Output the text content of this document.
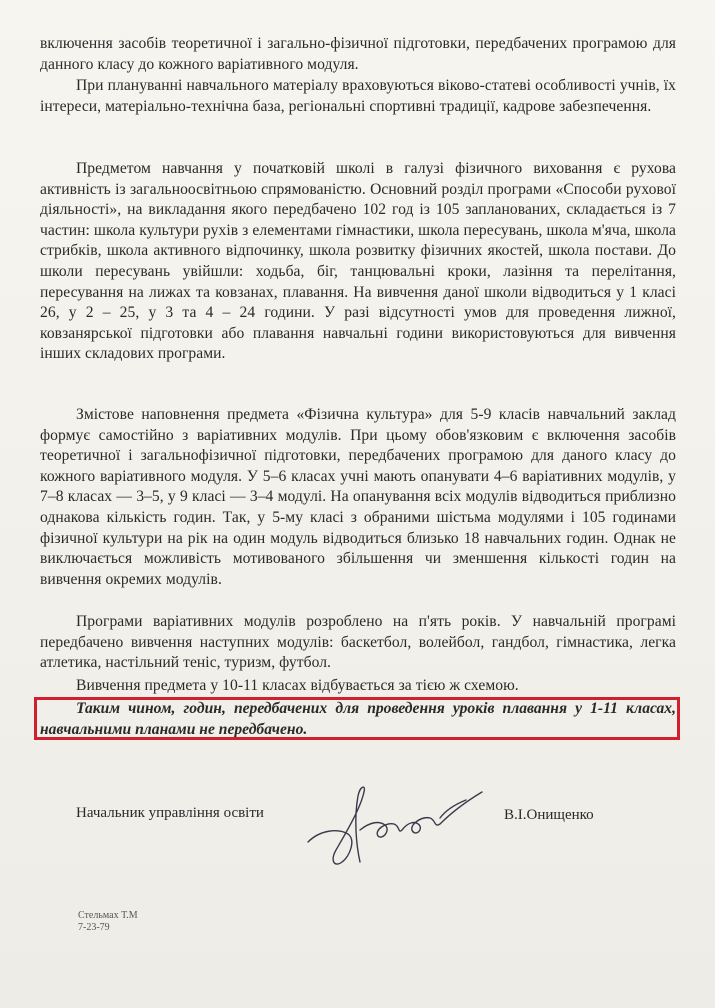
включення засобів теоретичної і загально-фізичної підготовки, передбачених програмою для данного класу до кожного варіативного модуля.

При плануванні навчального матеріалу враховуються віково-статеві особливості учнів, їх інтереси, матеріально-технічна база, регіональні спортивні традиції, кадрове забезпечення.

Предметом навчання у початковій школі в галузі фізичного виховання є рухова активність із загальноосвітньою спрямованістю. Основний розділ програми «Способи рухової діяльності», на викладання якого передбачено 102 год із 105 запланованих, складається із 7 частин: школа культури рухів з елементами гімнастики, школа пересувань, школа м'яча, школа стрибків, школа активного відпочинку, школа розвитку фізичних якостей, школа постави. До школи пересувань увійшли: ходьба, біг, танцювальні кроки, лазіння та перелітання, пересування на лижах та ковзанах, плавання. На вивчення даної школи відводиться у 1 класі 26, у 2 – 25, у 3 та 4 – 24 години. У разі відсутності умов для проведення лижної, ковзанярської підготовки або плавання навчальні години використовуються для вивчення інших складових програми.

Змістове наповнення предмета «Фізична культура» для 5-9 класів навчальний заклад формує самостійно з варіативних модулів. При цьому обов'язковим є включення засобів теоретичної і загальнофізичної підготовки, передбачених програмою для даного класу до кожного варіативного модуля. У 5–6 класах учні мають опанувати 4–6 варіативних модулів, у 7–8 класах — 3–5, у 9 класі — 3–4 модулі. На опанування всіх модулів відводиться приблизно однакова кількість годин. Так, у 5-му класі з обраними шістьма модулями і 105 годинами фізичної культури на рік на один модуль відводиться близько 18 навчальних годин. Однак не виключається можливість мотивованого збільшення чи зменшення кількості годин на вивчення окремих модулів.

Програми варіативних модулів розроблено на п'ять років. У навчальній програмі передбачено вивчення наступних модулів: баскетбол, волейбол, гандбол, гімнастика, легка атлетика, настільний теніс, туризм, футбол.

Вивчення предмета у 10-11 класах відбувається за тією ж схемою.

Таким чином, годин, передбачених для проведення уроків плавання у 1-11 класах, навчальними планами не передбачено.

Начальник управління освіти	В.І.Онищенко
Стельмах Т.М
7-23-79
